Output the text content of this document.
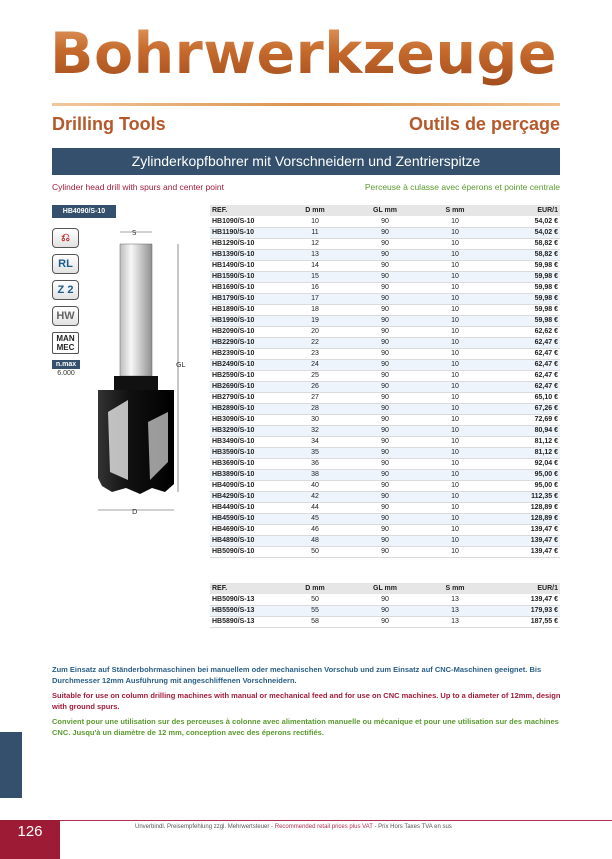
Bohrwerkzeuge
Drilling Tools	Outils de perçage
Zylinderkopfbohrer mit Vorschneidern und Zentrierspitze
Cylinder head drill with spurs and center point	Perceuse à culasse avec éperons et pointe centrale
HB4090/S-10
⎌
RL
Z 2
HW
MAN
MEC
n.max
6.000
S
GL
D
REF.	D mm	GL mm	S mm	EUR/1
HB1090/S-10	10	90	10	54,02 €
HB1190/S-10	11	90	10	54,02 €
HB1290/S-10	12	90	10	58,82 €
HB1390/S-10	13	90	10	58,82 €
HB1490/S-10	14	90	10	59,98 €
HB1590/S-10	15	90	10	59,98 €
HB1690/S-10	16	90	10	59,98 €
HB1790/S-10	17	90	10	59,98 €
HB1890/S-10	18	90	10	59,98 €
HB1990/S-10	19	90	10	59,98 €
HB2090/S-10	20	90	10	62,62 €
HB2290/S-10	22	90	10	62,47 €
HB2390/S-10	23	90	10	62,47 €
HB2490/S-10	24	90	10	62,47 €
HB2590/S-10	25	90	10	62,47 €
HB2690/S-10	26	90	10	62,47 €
HB2790/S-10	27	90	10	65,10 €
HB2890/S-10	28	90	10	67,26 €
HB3090/S-10	30	90	10	72,69 €
HB3290/S-10	32	90	10	80,94 €
HB3490/S-10	34	90	10	81,12 €
HB3590/S-10	35	90	10	81,12 €
HB3690/S-10	36	90	10	92,04 €
HB3890/S-10	38	90	10	95,00 €
HB4090/S-10	40	90	10	95,00 €
HB4290/S-10	42	90	10	112,35 €
HB4490/S-10	44	90	10	128,89 €
HB4590/S-10	45	90	10	128,89 €
HB4690/S-10	46	90	10	139,47 €
HB4890/S-10	48	90	10	139,47 €
HB5090/S-10	50	90	10	139,47 €
REF.	D mm	GL mm	S mm	EUR/1
HB5090/S-13	50	90	13	139,47 €
HB5590/S-13	55	90	13	179,93 €
HB5890/S-13	58	90	13	187,55 €
Zum Einsatz auf Ständerbohrmaschinen bei manuellem oder mechanischen Vorschub und zum Einsatz auf CNC-Maschinen geeignet. Bis Durchmesser 12mm Ausführung mit angeschliffenen Vorschneidern.
Suitable for use on column drilling machines with manual or mechanical feed and for use on CNC machines. Up to a diameter of 12mm, design with ground spurs.
Convient pour une utilisation sur des perceuses à colonne avec alimentation manuelle ou mécanique et pour une utilisation sur des machines CNC. Jusqu'à un diamètre de 12 mm, conception avec des éperons rectifiés.
126	Unverbindl. Preisempfehlung zzgl. Mehrwertsteuer - Recommended retail prices plus VAT - Prix Hors Taxes TVA en sus
